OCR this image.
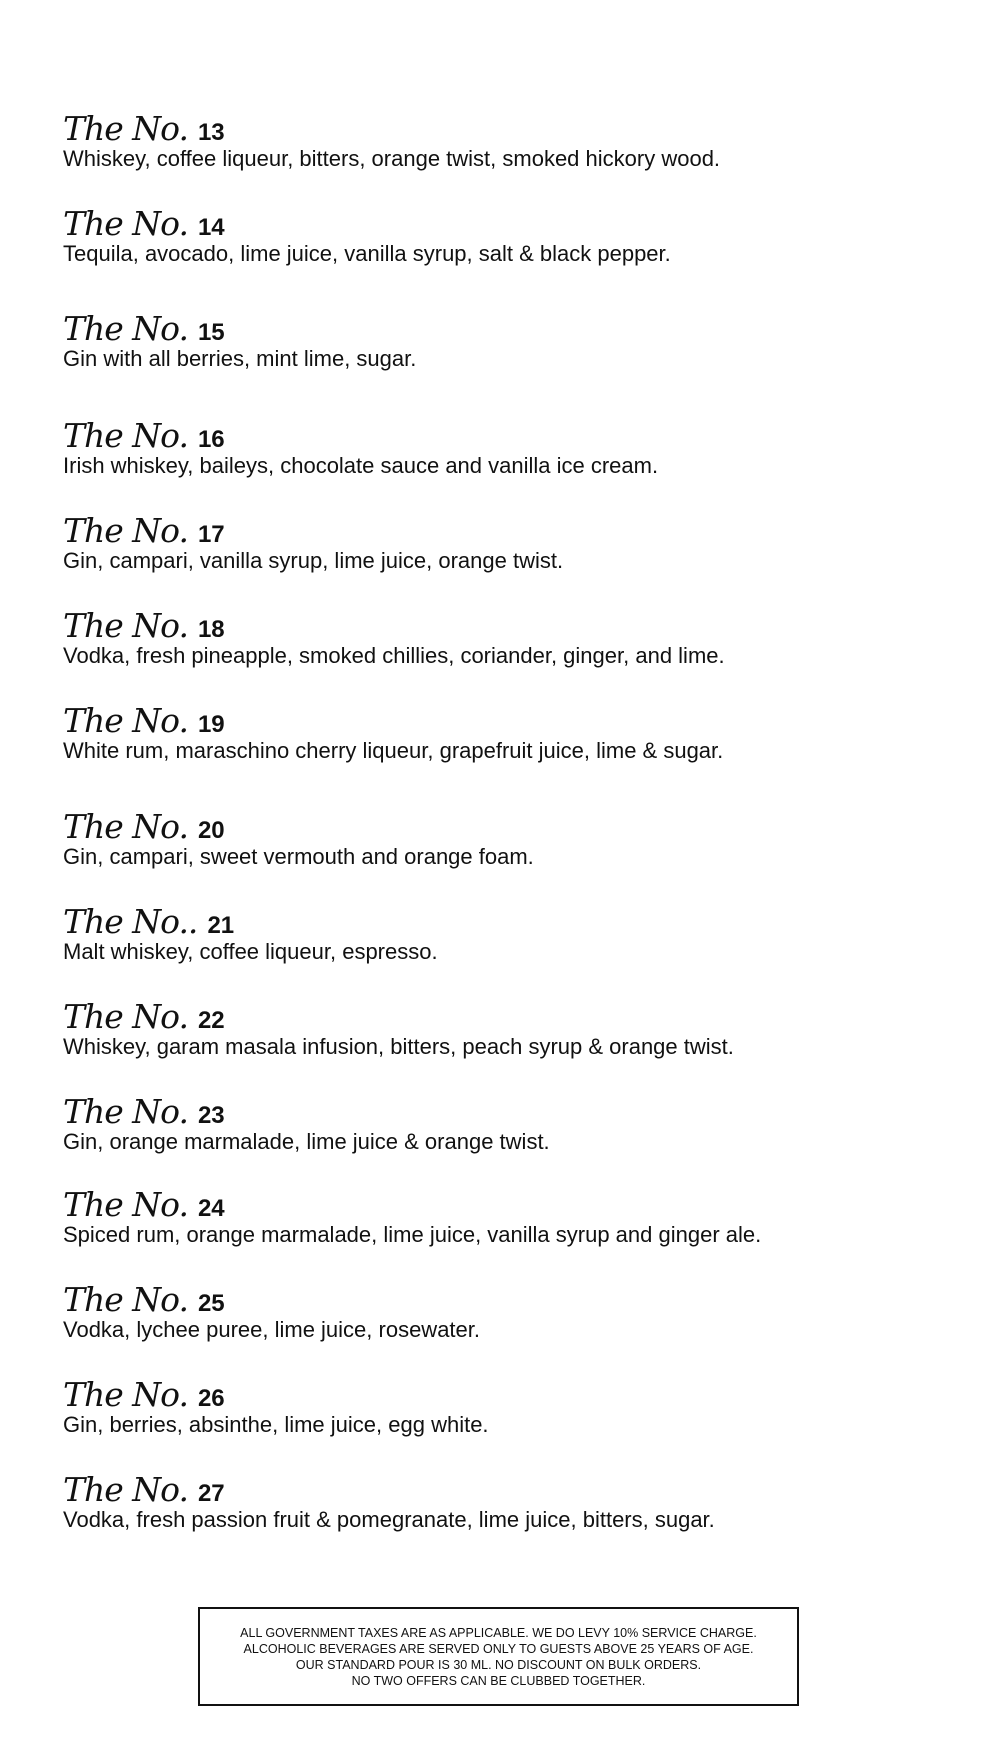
The No. 13
Whiskey, coffee liqueur, bitters, orange twist, smoked hickory wood.
The No. 14
Tequila, avocado, lime juice, vanilla syrup, salt & black pepper.
The No. 15
Gin with all berries, mint lime, sugar.
The No. 16
Irish whiskey, baileys, chocolate sauce and vanilla ice cream.
The No. 17
Gin, campari, vanilla syrup, lime juice, orange twist.
The No. 18
Vodka, fresh pineapple, smoked chillies, coriander, ginger, and lime.
The No. 19
White rum, maraschino cherry liqueur, grapefruit juice, lime & sugar.
The No. 20
Gin, campari, sweet vermouth and orange foam.
The No.. 21
Malt whiskey, coffee liqueur, espresso.
The No. 22
Whiskey, garam masala infusion, bitters, peach syrup & orange twist.
The No. 23
Gin, orange marmalade, lime juice & orange twist.
The No. 24
Spiced rum, orange marmalade, lime juice, vanilla syrup and ginger ale.
The No. 25
Vodka, lychee puree, lime juice, rosewater.
The No. 26
Gin, berries, absinthe, lime juice, egg white.
The No. 27
Vodka, fresh passion fruit & pomegranate, lime juice, bitters, sugar.
ALL GOVERNMENT TAXES ARE AS APPLICABLE. WE DO LEVY 10% SERVICE CHARGE.
ALCOHOLIC BEVERAGES ARE SERVED ONLY TO GUESTS ABOVE 25 YEARS OF AGE.
OUR STANDARD POUR IS 30 ML. NO DISCOUNT ON BULK ORDERS.
NO TWO OFFERS CAN BE CLUBBED TOGETHER.
